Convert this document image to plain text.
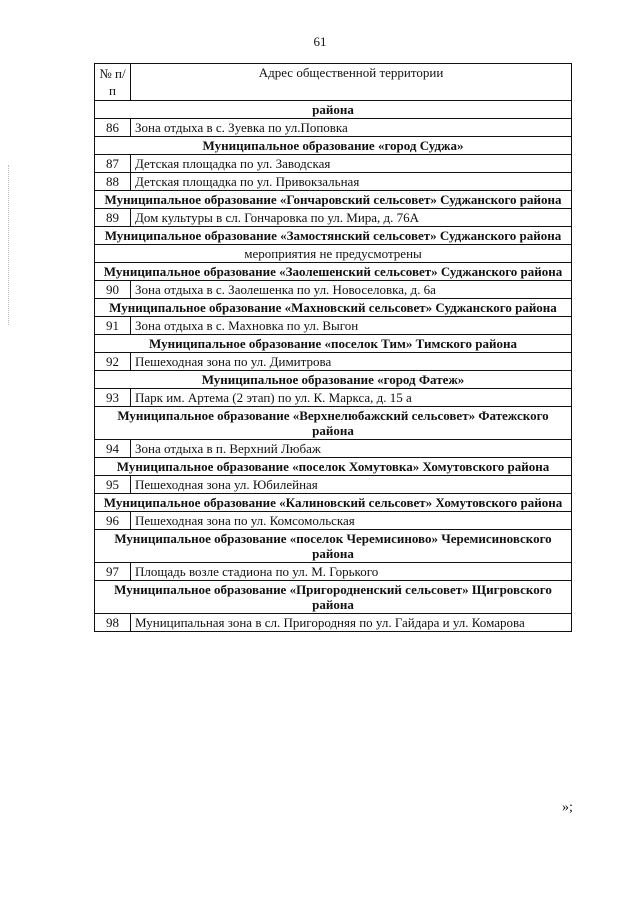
61
№ п/п	Адрес общественной территории
района	
86	Зона отдыха в с. Зуевка по ул.Поповка
Муниципальное образование «город Суджа»	
87	Детская площадка по ул. Заводская
88	Детская площадка по ул. Привокзальная
Муниципальное образование «Гончаровский сельсовет» Суджанского района	
89	Дом культуры в сл. Гончаровка по ул. Мира, д. 76А
Муниципальное образование «Замостянский сельсовет» Суджанского района	
мероприятия не предусмотрены	
Муниципальное образование «Заолешенский сельсовет» Суджанского района	
90	Зона отдыха в с. Заолешенка по ул. Новоселовка, д. 6а
Муниципальное образование «Махновский сельсовет» Суджанского района	
91	Зона отдыха в с. Махновка по ул. Выгон
Муниципальное образование «поселок Тим» Тимского района	
92	Пешеходная зона по ул. Димитрова
Муниципальное образование «город Фатеж»	
93	Парк им. Артема (2 этап) по ул. К. Маркса, д. 15 а
Муниципальное образование «Верхнелюбажский сельсовет» Фатежского района	
94	Зона отдыха в п. Верхний Любаж
Муниципальное образование «поселок Хомутовка» Хомутовского района	
95	Пешеходная зона ул. Юбилейная
Муниципальное образование «Калиновский сельсовет» Хомутовского района	
96	Пешеходная зона по ул. Комсомольская
Муниципальное образование «поселок Черемисиново» Черемисиновского района	
97	Площадь возле стадиона по ул. М. Горького
Муниципальное образование «Пригородненский сельсовет» Щигровского района	
98	Муниципальная зона в сл. Пригородняя по ул. Гайдара и ул. Комарова
»;
